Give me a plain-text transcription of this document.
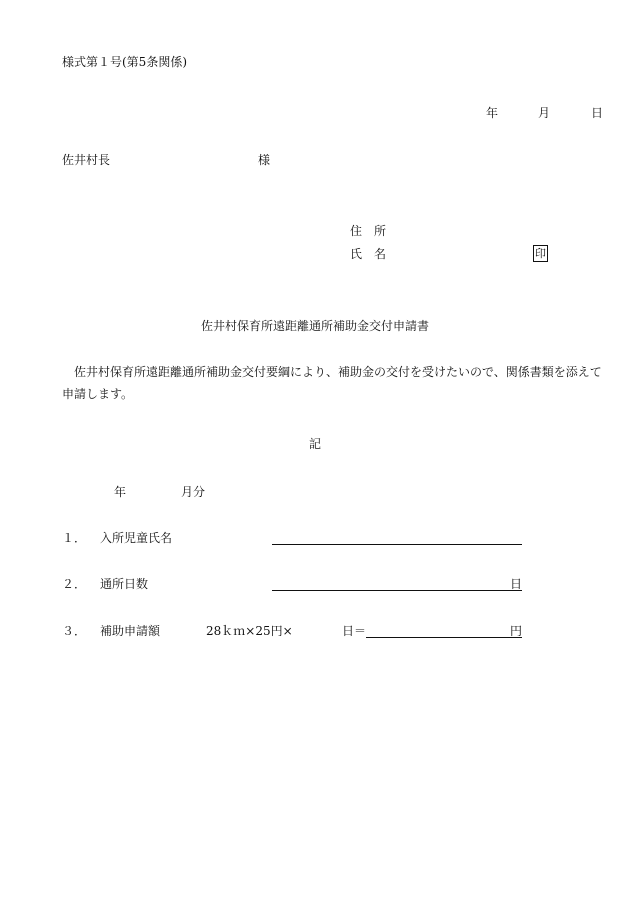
様式第１号(第5条関係)
年	月	日
佐井村長	様
住　所
氏　名	印
佐井村保育所遠距離通所補助金交付申請書
佐井村保育所遠距離通所補助金交付要綱により、補助金の交付を受けたいので、関係書類を添えて申請します。
記
年	月分
１． 入所児童氏名
２． 通所日数	日
３． 補助申請額	28ｋｍ×25円×	日＝	円
